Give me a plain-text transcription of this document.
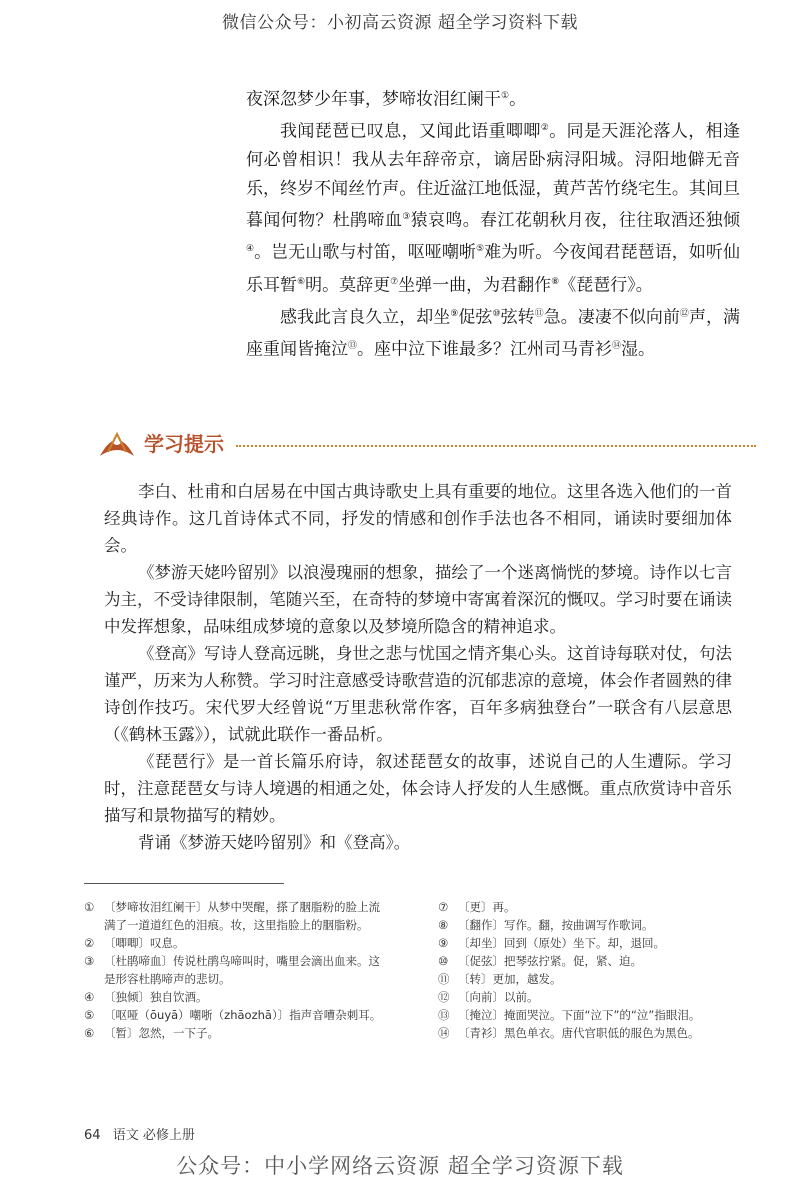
微信公众号：小初高云资源 超全学习资料下载

夜深忽梦少年事，梦啼妆泪红阑干①。

我闻琵琶已叹息，又闻此语重唧唧②。同是天涯沦落人，相逢何必曾相识！我从去年辞帝京，谪居卧病浔阳城。浔阳地僻无音乐，终岁不闻丝竹声。住近湓江地低湿，黄芦苦竹绕宅生。其间旦暮闻何物？杜鹃啼血③猿哀鸣。春江花朝秋月夜，往往取酒还独倾④。岂无山歌与村笛，呕哑嘲哳⑤难为听。今夜闻君琵琶语，如听仙乐耳暂⑥明。莫辞更⑦坐弹一曲，为君翻作⑧《琵琶行》。

感我此言良久立，却坐⑨促弦⑩弦转⑪急。凄凄不似向前⑫声，满座重闻皆掩泣⑬。座中泣下谁最多？江州司马青衫⑭湿。

学习提示

李白、杜甫和白居易在中国古典诗歌史上具有重要的地位。这里各选入他们的一首经典诗作。这几首诗体式不同，抒发的情感和创作手法也各不相同，诵读时要细加体会。

《梦游天姥吟留别》以浪漫瑰丽的想象，描绘了一个迷离惝恍的梦境。诗作以七言为主，不受诗律限制，笔随兴至，在奇特的梦境中寄寓着深沉的慨叹。学习时要在诵读中发挥想象，品味组成梦境的意象以及梦境所隐含的精神追求。

《登高》写诗人登高远眺，身世之悲与忧国之情齐集心头。这首诗每联对仗，句法谨严，历来为人称赞。学习时注意感受诗歌营造的沉郁悲凉的意境，体会作者圆熟的律诗创作技巧。宋代罗大经曾说“万里悲秋常作客，百年多病独登台”一联含有八层意思（《鹤林玉露》），试就此联作一番品析。

《琵琶行》是一首长篇乐府诗，叙述琵琶女的故事，述说自己的人生遭际。学习时，注意琵琶女与诗人境遇的相通之处，体会诗人抒发的人生感慨。重点欣赏诗中音乐描写和景物描写的精妙。

背诵《梦游天姥吟留别》和《登高》。

① 〔梦啼妆泪红阑干〕从梦中哭醒，搽了胭脂粉的脸上流满了一道道红色的泪痕。妆，这里指脸上的胭脂粉。
② 〔唧唧〕叹息。
③ 〔杜鹃啼血〕传说杜鹃鸟啼叫时，嘴里会滴出血来。这是形容杜鹃啼声的悲切。
④ 〔独倾〕独自饮酒。
⑤ 〔呕哑（ōuyā）嘲哳（zhāozhā）〕指声音嘈杂刺耳。
⑥ 〔暂〕忽然，一下子。
⑦ 〔更〕再。
⑧ 〔翻作〕写作。翻，按曲调写作歌词。
⑨ 〔却坐〕回到（原处）坐下。却，退回。
⑩ 〔促弦〕把琴弦拧紧。促，紧、迫。
⑪ 〔转〕更加，越发。
⑫ 〔向前〕以前。
⑬ 〔掩泣〕掩面哭泣。下面“泣下”的“泣”指眼泪。
⑭ 〔青衫〕黑色单衣。唐代官职低的服色为黑色。
64 语文 必修上册
公众号：中小学网络云资源 超全学习资源下载
